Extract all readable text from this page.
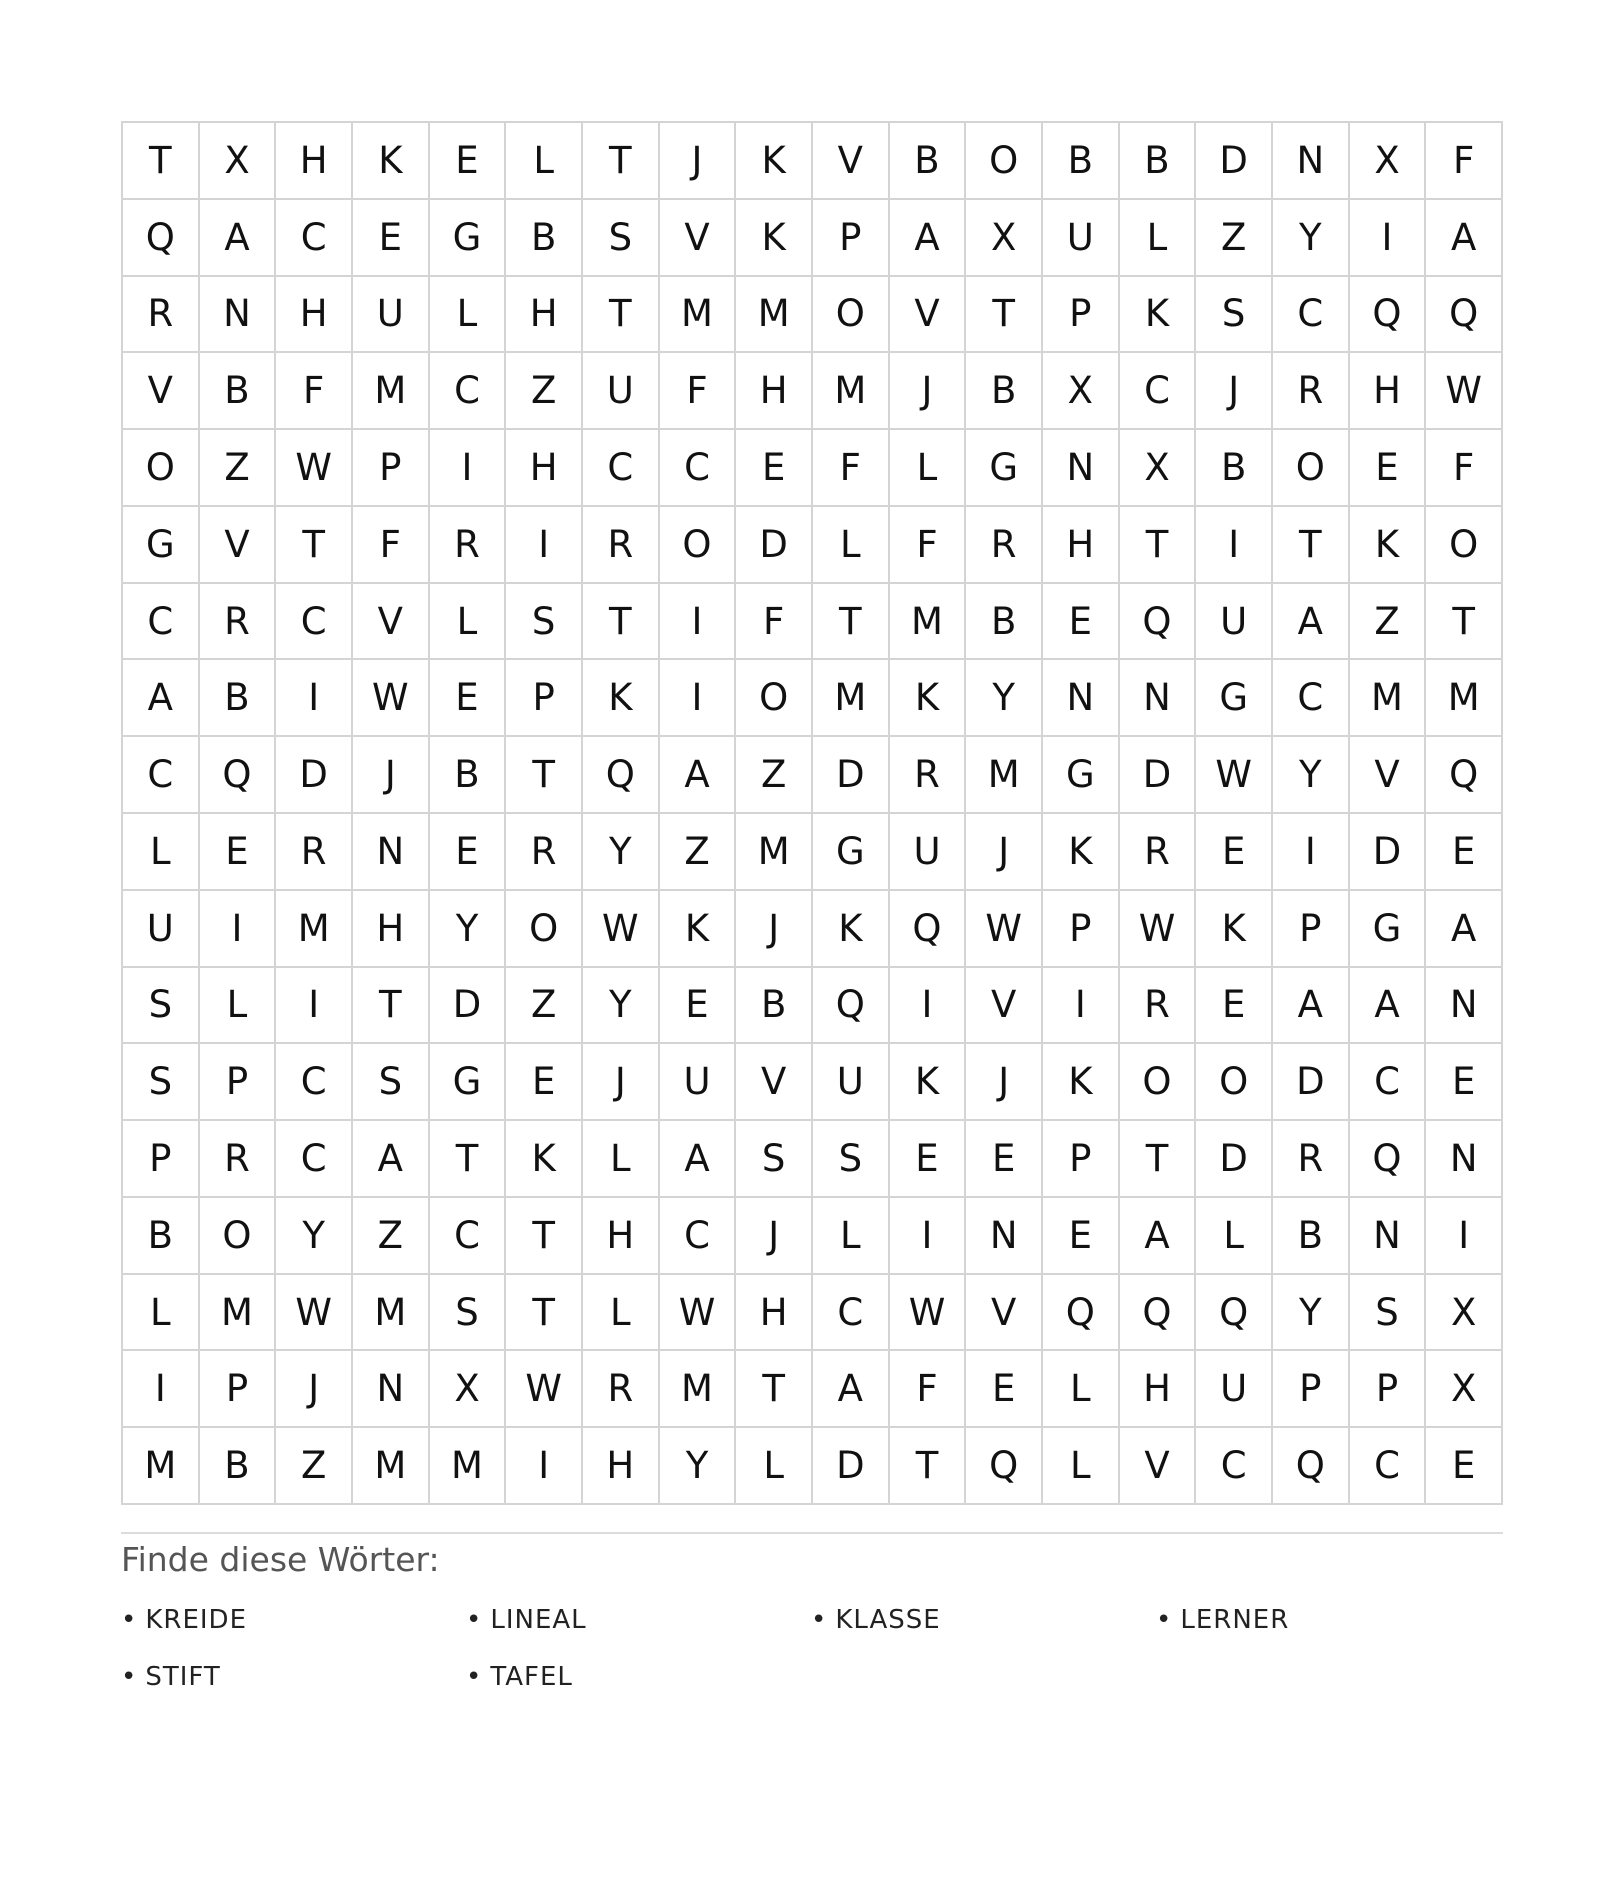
T	X	H	K	E	L	T	J	K	V	B	O	B	B	D	N	X	F
Q	A	C	E	G	B	S	V	K	P	A	X	U	L	Z	Y	I	A
R	N	H	U	L	H	T	M	M	O	V	T	P	K	S	C	Q	Q
V	B	F	M	C	Z	U	F	H	M	J	B	X	C	J	R	H	W
O	Z	W	P	I	H	C	C	E	F	L	G	N	X	B	O	E	F
G	V	T	F	R	I	R	O	D	L	F	R	H	T	I	T	K	O
C	R	C	V	L	S	T	I	F	T	M	B	E	Q	U	A	Z	T
A	B	I	W	E	P	K	I	O	M	K	Y	N	N	G	C	M	M
C	Q	D	J	B	T	Q	A	Z	D	R	M	G	D	W	Y	V	Q
L	E	R	N	E	R	Y	Z	M	G	U	J	K	R	E	I	D	E
U	I	M	H	Y	O	W	K	J	K	Q	W	P	W	K	P	G	A
S	L	I	T	D	Z	Y	E	B	Q	I	V	I	R	E	A	A	N
S	P	C	S	G	E	J	U	V	U	K	J	K	O	O	D	C	E
P	R	C	A	T	K	L	A	S	S	E	E	P	T	D	R	Q	N
B	O	Y	Z	C	T	H	C	J	L	I	N	E	A	L	B	N	I
L	M	W	M	S	T	L	W	H	C	W	V	Q	Q	Q	Y	S	X
I	P	J	N	X	W	R	M	T	A	F	E	L	H	U	P	P	X
M	B	Z	M	M	I	H	Y	L	D	T	Q	L	V	C	Q	C	E
Finde diese Wörter:
• KREIDE	• LINEAL	• KLASSE	• LERNER
• STIFT	• TAFEL
